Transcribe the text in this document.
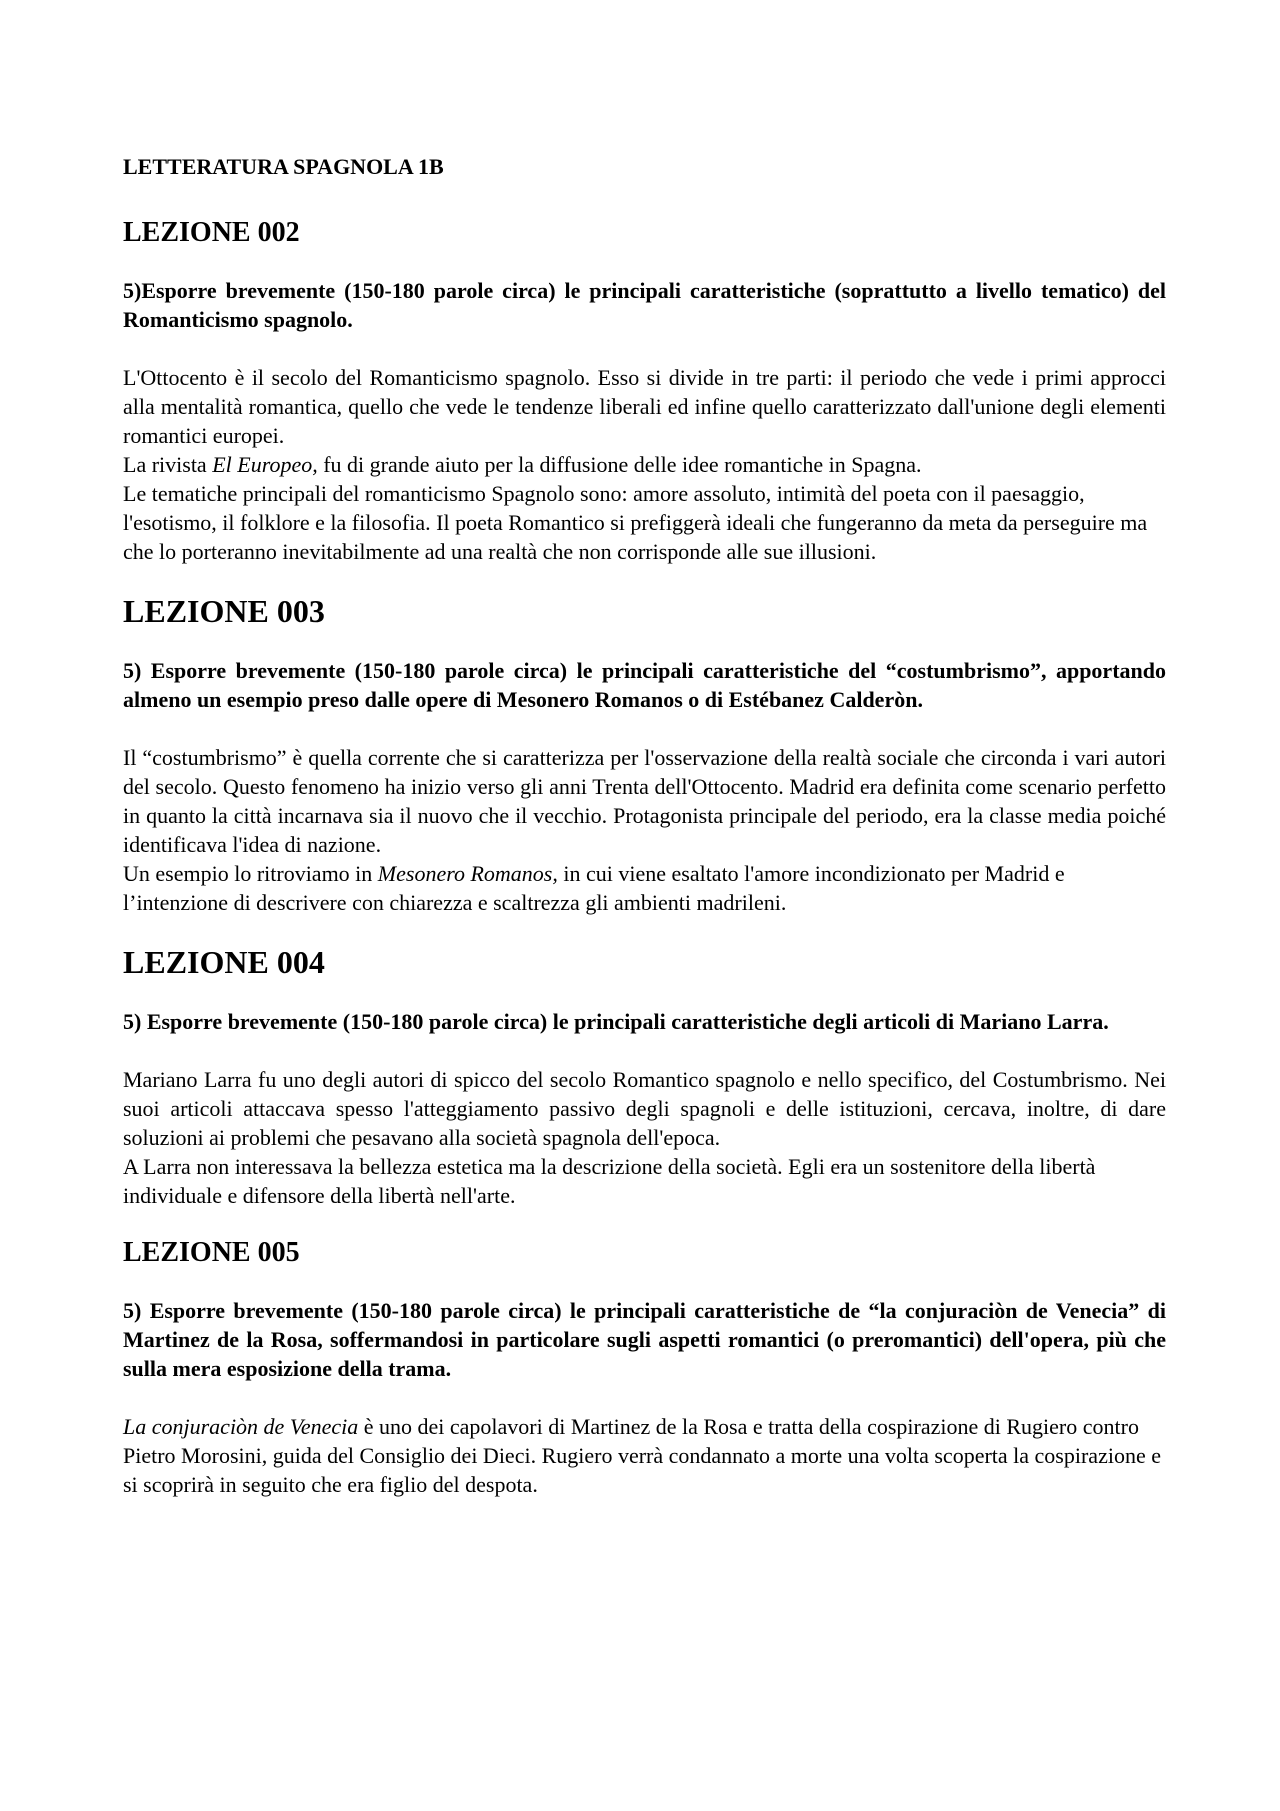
LETTERATURA SPAGNOLA 1B
LEZIONE 002
5)Esporre brevemente (150-180 parole circa) le principali caratteristiche (soprattutto a livello tematico) del Romanticismo spagnolo.

L'Ottocento è il secolo del Romanticismo spagnolo. Esso si divide in tre parti: il periodo che vede i primi approcci alla mentalità romantica, quello che vede le tendenze liberali ed infine quello caratterizzato dall'unione degli elementi romantici europei.

La rivista El Europeo, fu di grande aiuto per la diffusione delle idee romantiche in Spagna.

Le tematiche principali del romanticismo Spagnolo sono: amore assoluto, intimità del poeta con il paesaggio, l'esotismo, il folklore e la filosofia. Il poeta Romantico si prefiggerà ideali che fungeranno da meta da perseguire ma che lo porteranno inevitabilmente ad una realtà che non corrisponde alle sue illusioni.

LEZIONE 003
5) Esporre brevemente (150-180 parole circa) le principali caratteristiche del “costumbrismo”, apportando almeno un esempio preso dalle opere di Mesonero Romanos o di Estébanez Calderòn.

Il “costumbrismo” è quella corrente che si caratterizza per l'osservazione della realtà sociale che circonda i vari autori del secolo. Questo fenomeno ha inizio verso gli anni Trenta dell'Ottocento. Madrid era definita come scenario perfetto in quanto la città incarnava sia il nuovo che il vecchio. Protagonista principale del periodo, era la classe media poiché identificava l'idea di nazione.

Un esempio lo ritroviamo in Mesonero Romanos, in cui viene esaltato l'amore incondizionato per Madrid e l’intenzione di descrivere con chiarezza e scaltrezza gli ambienti madrileni.

LEZIONE 004
5) Esporre brevemente (150-180 parole circa) le principali caratteristiche degli articoli di Mariano Larra.

Mariano Larra fu uno degli autori di spicco del secolo Romantico spagnolo e nello specifico, del Costumbrismo. Nei suoi articoli attaccava spesso l'atteggiamento passivo degli spagnoli e delle istituzioni, cercava, inoltre, di dare soluzioni ai problemi che pesavano alla società spagnola dell'epoca.

A Larra non interessava la bellezza estetica ma la descrizione della società. Egli era un sostenitore della libertà individuale e difensore della libertà nell'arte.

LEZIONE 005
5) Esporre brevemente (150-180 parole circa) le principali caratteristiche de “la conjuraciòn de Venecia” di Martinez de la Rosa, soffermandosi in particolare sugli aspetti romantici (o preromantici) dell'opera, più che sulla mera esposizione della trama.

La conjuraciòn de Venecia è uno dei capolavori di Martinez de la Rosa e tratta della cospirazione di Rugiero contro Pietro Morosini, guida del Consiglio dei Dieci. Rugiero verrà condannato a morte una volta scoperta la cospirazione e si scoprirà in seguito che era figlio del despota.
